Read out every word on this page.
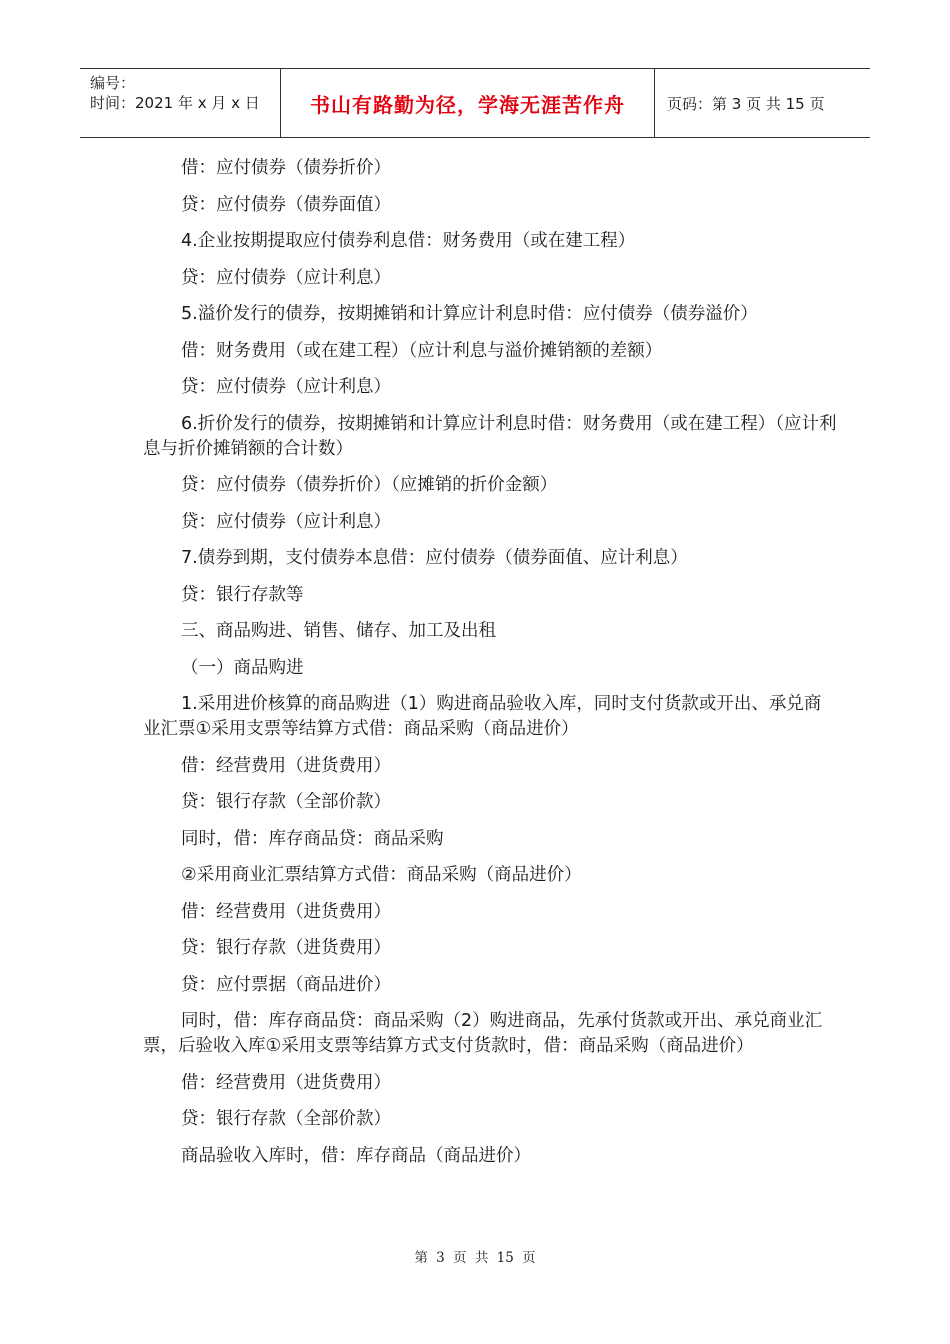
编号：
时间：2021 年 x 月 x 日	书山有路勤为径，学海无涯苦作舟	页码：第 3 页 共 15 页

借：应付债券（债券折价）

贷：应付债券（债券面值）

4.企业按期提取应付债券利息借：财务费用（或在建工程）

贷：应付债券（应计利息）

5.溢价发行的债券，按期摊销和计算应计利息时借：应付债券（债券溢价）

借：财务费用（或在建工程）（应计利息与溢价摊销额的差额）

贷：应付债券（应计利息）

6.折价发行的债券，按期摊销和计算应计利息时借：财务费用（或在建工程）（应计利息与折价摊销额的合计数）

贷：应付债券（债券折价）（应摊销的折价金额）

贷：应付债券（应计利息）

7.债券到期，支付债券本息借：应付债券（债券面值、应计利息）

贷：银行存款等

三、商品购进、销售、储存、加工及出租

（一）商品购进

1.采用进价核算的商品购进（1）购进商品验收入库，同时支付货款或开出、承兑商业汇票①采用支票等结算方式借：商品采购（商品进价）

借：经营费用（进货费用）

贷：银行存款（全部价款）

同时，借：库存商品贷：商品采购

②采用商业汇票结算方式借：商品采购（商品进价）

借：经营费用（进货费用）

贷：银行存款（进货费用）

贷：应付票据（商品进价）

同时，借：库存商品贷：商品采购（2）购进商品，先承付货款或开出、承兑商业汇票，后验收入库①采用支票等结算方式支付货款时，借：商品采购（商品进价）

借：经营费用（进货费用）

贷：银行存款（全部价款）

商品验收入库时，借：库存商品（商品进价）

第 3 页 共 15 页
